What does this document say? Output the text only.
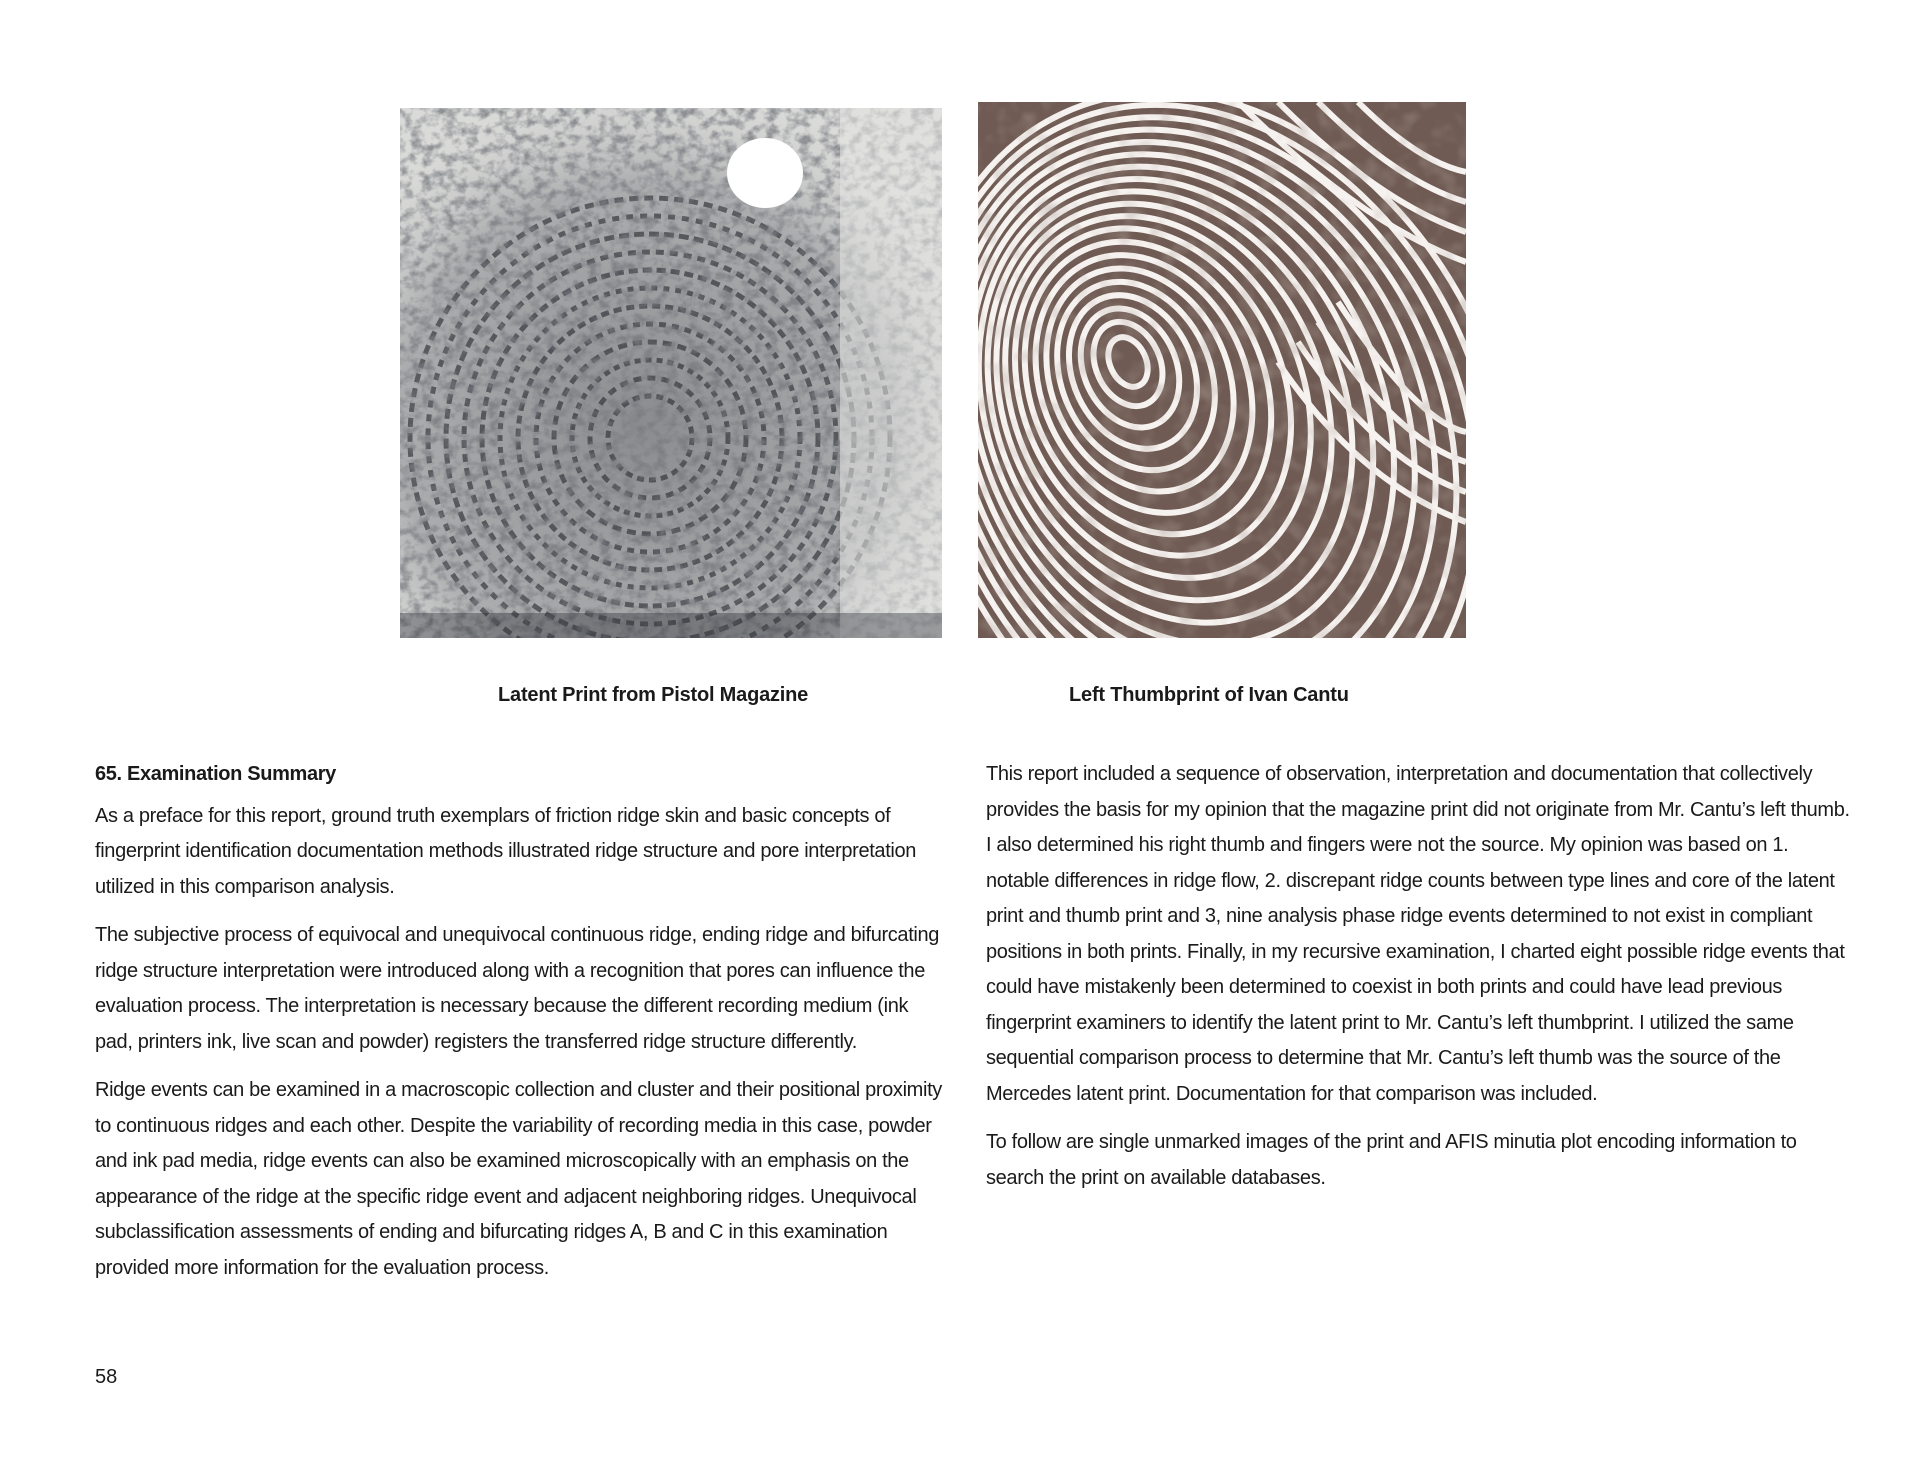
Latent Print from Pistol Magazine	Left Thumbprint of Ivan Cantu
65. Examination Summary

As a preface for this report, ground truth exemplars of friction ridge skin and basic concepts of fingerprint identification documentation methods illustrated ridge structure and pore interpretation utilized in this comparison analysis.

The subjective process of equivocal and unequivocal continuous ridge, ending ridge and bifurcating ridge structure interpretation were introduced along with a recognition that pores can influence the evaluation process. The interpretation is necessary because the different recording medium (ink pad, printers ink, live scan and powder) registers the transferred ridge structure differently.

Ridge events can be examined in a macroscopic collection and cluster and their positional proximity to continuous ridges and each other. Despite the variability of recording media in this case, powder and ink pad media, ridge events can also be examined microscopically with an emphasis on the appearance of the ridge at the specific ridge event and adjacent neighboring ridges. Unequivocal subclassification assessments of ending and bifurcating ridges A, B and C in this examination provided more information for the evaluation process.

This report included a sequence of observation, interpretation and documentation that collectively provides the basis for my opinion that the magazine print did not originate from Mr. Cantu’s left thumb. I also determined his right thumb and fingers were not the source. My opinion was based on 1. notable differences in ridge flow, 2. discrepant ridge counts between type lines and core of the latent print and thumb print and 3, nine analysis phase ridge events determined to not exist in compliant positions in both prints. Finally, in my recursive examination, I charted eight possible ridge events that could have mistakenly been determined to coexist in both prints and could have lead previous fingerprint examiners to identify the latent print to Mr. Cantu’s left thumbprint. I utilized the same sequential comparison process to determine that Mr. Cantu’s left thumb was the source of the Mercedes latent print. Documentation for that comparison was included.

To follow are single unmarked images of the print and AFIS minutia plot encoding information to search the print on available databases.

58
